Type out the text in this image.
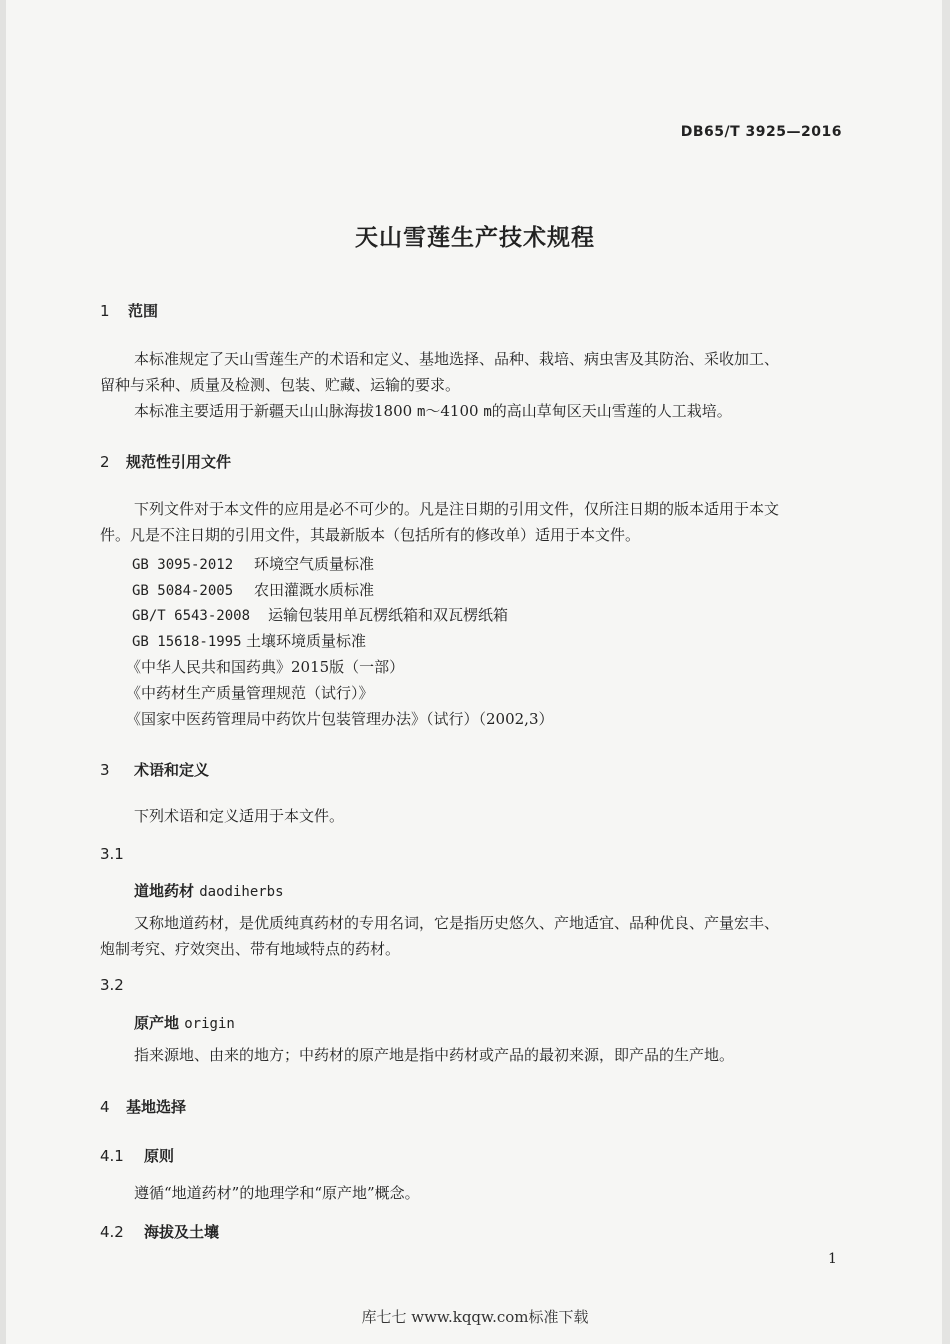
DB65/T 3925—2016
天山雪莲生产技术规程
1 范围
本标准规定了天山雪莲生产的术语和定义、基地选择、品种、栽培、病虫害及其防治、采收加工、
留种与采种、质量及检测、包装、贮藏、运输的要求。
本标准主要适用于新疆天山山脉海拔1800 m～4100 m的高山草甸区天山雪莲的人工栽培。
2 规范性引用文件
下列文件对于本文件的应用是必不可少的。凡是注日期的引用文件，仅所注日期的版本适用于本文
件。凡是不注日期的引用文件，其最新版本（包括所有的修改单）适用于本文件。
GB 3095-2012 环境空气质量标准
GB 5084-2005 农田灌溉水质标准
GB/T 6543-2008 运输包装用单瓦楞纸箱和双瓦楞纸箱
GB 15618-1995 土壤环境质量标准
《中华人民共和国药典》2015版（一部）
《中药材生产质量管理规范（试行）》
《国家中医药管理局中药饮片包装管理办法》（试行）（2002,3）
3 术语和定义
下列术语和定义适用于本文件。
3.1
道地药材 daodiherbs
又称地道药材，是优质纯真药材的专用名词，它是指历史悠久、产地适宜、品种优良、产量宏丰、
炮制考究、疗效突出、带有地域特点的药材。
3.2
原产地 origin
指来源地、由来的地方；中药材的原产地是指中药材或产品的最初来源，即产品的生产地。
4 基地选择
4.1 原则
遵循“地道药材”的地理学和“原产地”概念。
4.2 海拔及土壤
1
库七七 www.kqqw.com标准下载
